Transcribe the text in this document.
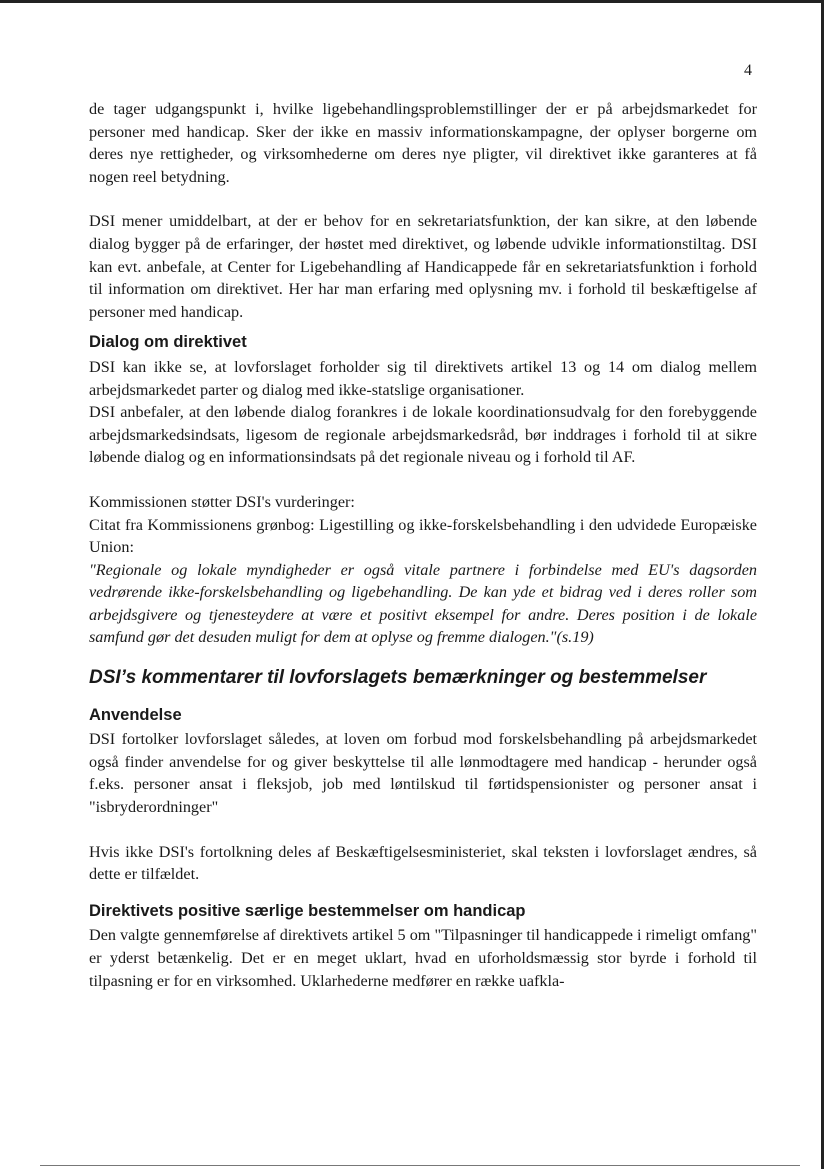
4

de tager udgangspunkt i, hvilke ligebehandlingsproblemstillinger der er på arbejdsmarkedet for personer med handicap. Sker der ikke en massiv informationskampagne, der oplyser borgerne om deres nye rettigheder, og virksomhederne om deres nye pligter, vil direktivet ikke garanteres at få nogen reel betydning.

DSI mener umiddelbart, at der er behov for en sekretariatsfunktion, der kan sikre, at den løbende dialog bygger på de erfaringer, der høstet med direktivet, og løbende udvikle informationstiltag. DSI kan evt. anbefale, at Center for Ligebehandling af Handicappede får en sekretariatsfunktion i forhold til information om direktivet. Her har man erfaring med oplysning mv. i forhold til beskæftigelse af personer med handicap.

Dialog om direktivet

DSI kan ikke se, at lovforslaget forholder sig til direktivets artikel 13 og 14 om dialog mellem arbejdsmarkedet parter og dialog med ikke-statslige organisationer.

DSI anbefaler, at den løbende dialog forankres i de lokale koordinationsudvalg for den forebyggende arbejdsmarkedsindsats, ligesom de regionale arbejdsmarkedsråd, bør inddrages i forhold til at sikre løbende dialog og en informationsindsats på det regionale niveau og i forhold til AF.

Kommissionen støtter DSI's vurderinger:

Citat fra Kommissionens grønbog: Ligestilling og ikke-forskelsbehandling i den udvidede Europæiske Union:

"Regionale og lokale myndigheder er også vitale partnere i forbindelse med EU's dagsorden vedrørende ikke-forskelsbehandling og ligebehandling. De kan yde et bidrag ved i deres roller som arbejdsgivere og tjenesteydere at være et positivt eksempel for andre. Deres position i de lokale samfund gør det desuden muligt for dem at oplyse og fremme dialogen."(s.19)

DSI’s kommentarer til lovforslagets bemærkninger og bestemmelser
Anvendelse

DSI fortolker lovforslaget således, at loven om forbud mod forskelsbehandling på arbejdsmarkedet også finder anvendelse for og giver beskyttelse til alle lønmodtagere med handicap - herunder også f.eks. personer ansat i fleksjob, job med løntilskud til førtidspensionister og personer ansat i "isbryderordninger"

Hvis ikke DSI's fortolkning deles af Beskæftigelsesministeriet, skal teksten i lovforslaget ændres, så dette er tilfældet.

Direktivets positive særlige bestemmelser om handicap

Den valgte gennemførelse af direktivets artikel 5 om "Tilpasninger til handicappede i rimeligt omfang" er yderst betænkelig. Det er en meget uklart, hvad en uforholdsmæssig stor byrde i forhold til tilpasning er for en virksomhed. Uklarhederne medfører en række uafkla-
